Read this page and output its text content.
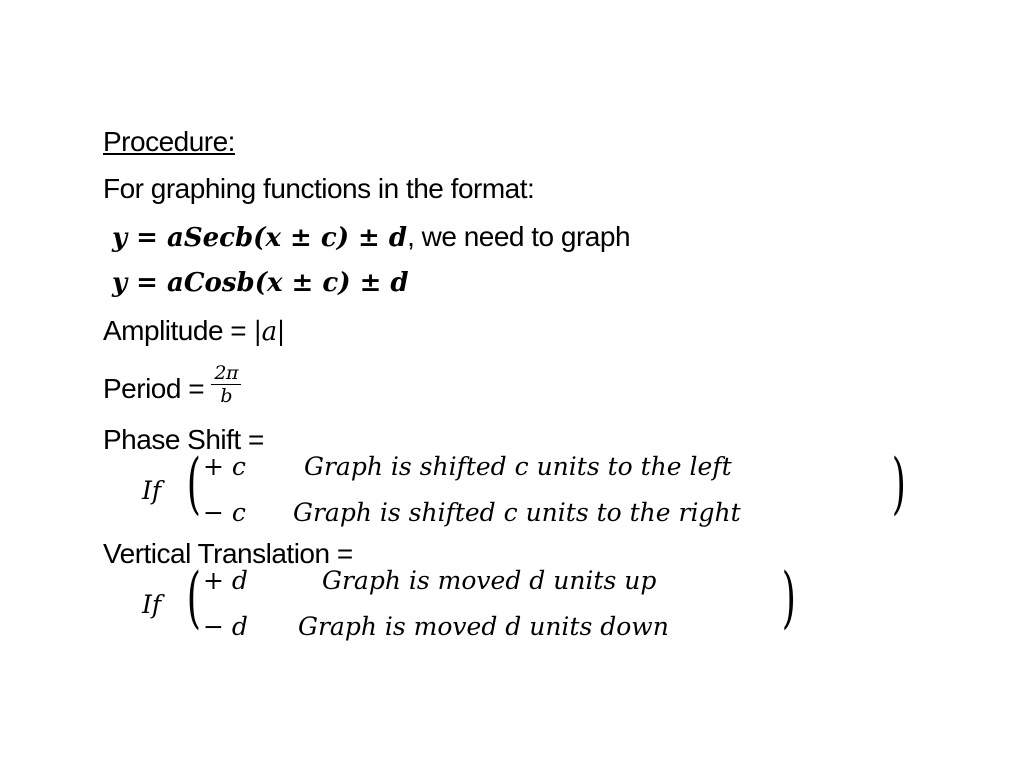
Procedure:
For graphing functions in the format:
y = aSecb(x ± c) ± d, we need to graph
y = aCosb(x ± c) ± d
Amplitude = |a|
Period = $\frac{2\pi}{b}$
Phase Shift =
If ( + c Graph is shifted c units to the left
− c Graph is shifted c units to the right )
Vertical Translation =
If ( + d	Graph is moved d units up
− d Graph is moved d units down )
